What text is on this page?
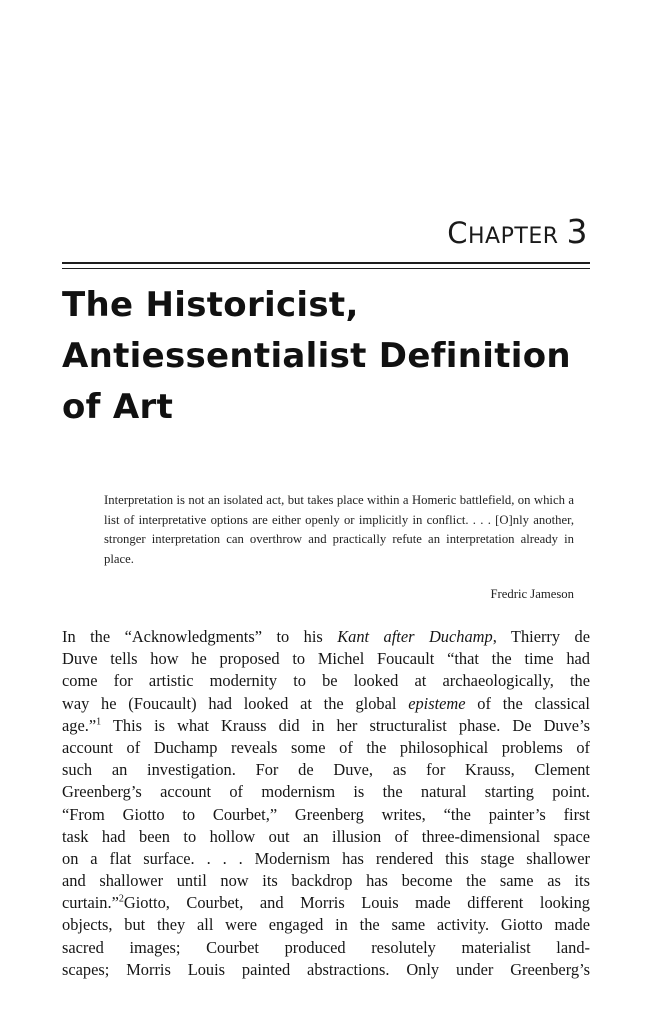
CHAPTER 3
The Historicist,
Antiessentialist Definition
of Art

Interpretation is not an isolated act, but takes place within a Homeric battlefield, on which a list of interpretative options are either openly or implicitly in conflict. . . . [O]nly another, stronger interpretation can overthrow and practically refute an interpretation already in place.

Fredric Jameson
In the “Acknowledgments” to his Kant after Duchamp, Thierry de
Duve tells how he proposed to Michel Foucault “that the time had
come for artistic modernity to be looked at archaeologically, the
way he (Foucault) had looked at the global episteme of the classical
age.”$^1$ This is what Krauss did in her structuralist phase. De Duve’s
account of Duchamp reveals some of the philosophical problems of
such an investigation. For de Duve, as for Krauss, Clement
Greenberg’s account of modernism is the natural starting point.
“From Giotto to Courbet,” Greenberg writes, “the painter’s first
task had been to hollow out an illusion of three-dimensional space
on a flat surface. . . . Modernism has rendered this stage shallower
and shallower until now its backdrop has become the same as its
curtain.”$^2$Giotto, Courbet, and Morris Louis made different looking
objects, but they all were engaged in the same activity. Giotto made
sacred images; Courbet produced resolutely materialist land-
scapes; Morris Louis painted abstractions. Only under Greenberg’s
